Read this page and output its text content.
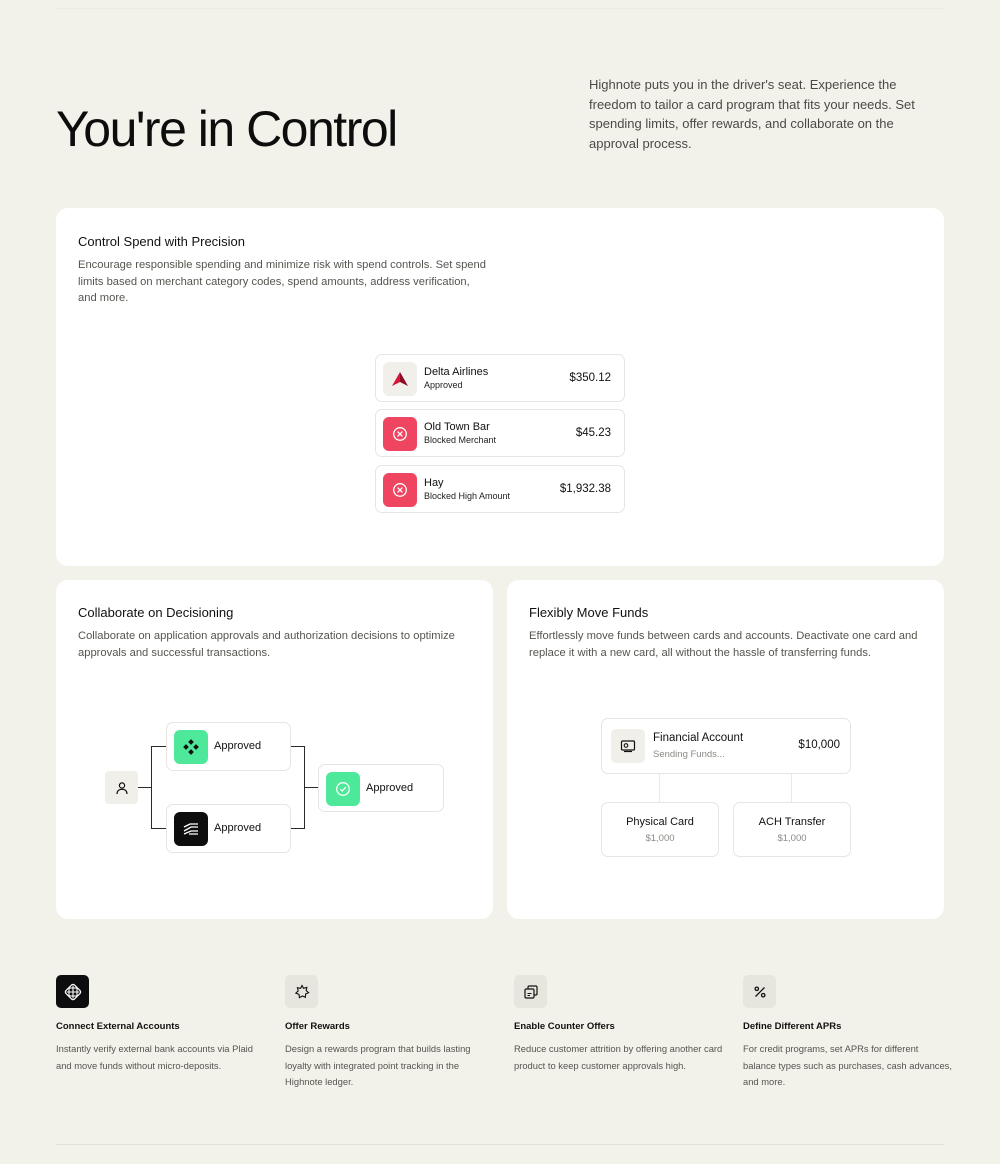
You're in Control

Highnote puts you in the driver's seat. Experience the freedom to tailor a card program that fits your needs. Set spending limits, offer rewards, and collaborate on the approval process.

Control Spend with Precision

Encourage responsible spending and minimize risk with spend controls. Set spend limits based on merchant category codes, spend amounts, address verification, and more.

Delta Airlines
Approved
$350.12
Old Town Bar
Blocked Merchant
$45.23
Hay
Blocked High Amount
$1,932.38
Collaborate on Decisioning

Collaborate on application approvals and authorization decisions to optimize approvals and successful transactions.

Approved
Approved
Approved
Flexibly Move Funds

Effortlessly move funds between cards and accounts. Deactivate one card and replace it with a new card, all without the hassle of transferring funds.

Financial Account
Sending Funds...
$10,000
Physical Card
$1,000
ACH Transfer
$1,000
Connect External Accounts
Instantly verify external bank accounts via Plaid and move funds without micro-deposits.
Offer Rewards
Design a rewards program that builds lasting loyalty with integrated point tracking in the Highnote ledger.
Enable Counter Offers
Reduce customer attrition by offering another card product to keep customer approvals high.
Define Different APRs
For credit programs, set APRs for different balance types such as purchases, cash advances, and more.
